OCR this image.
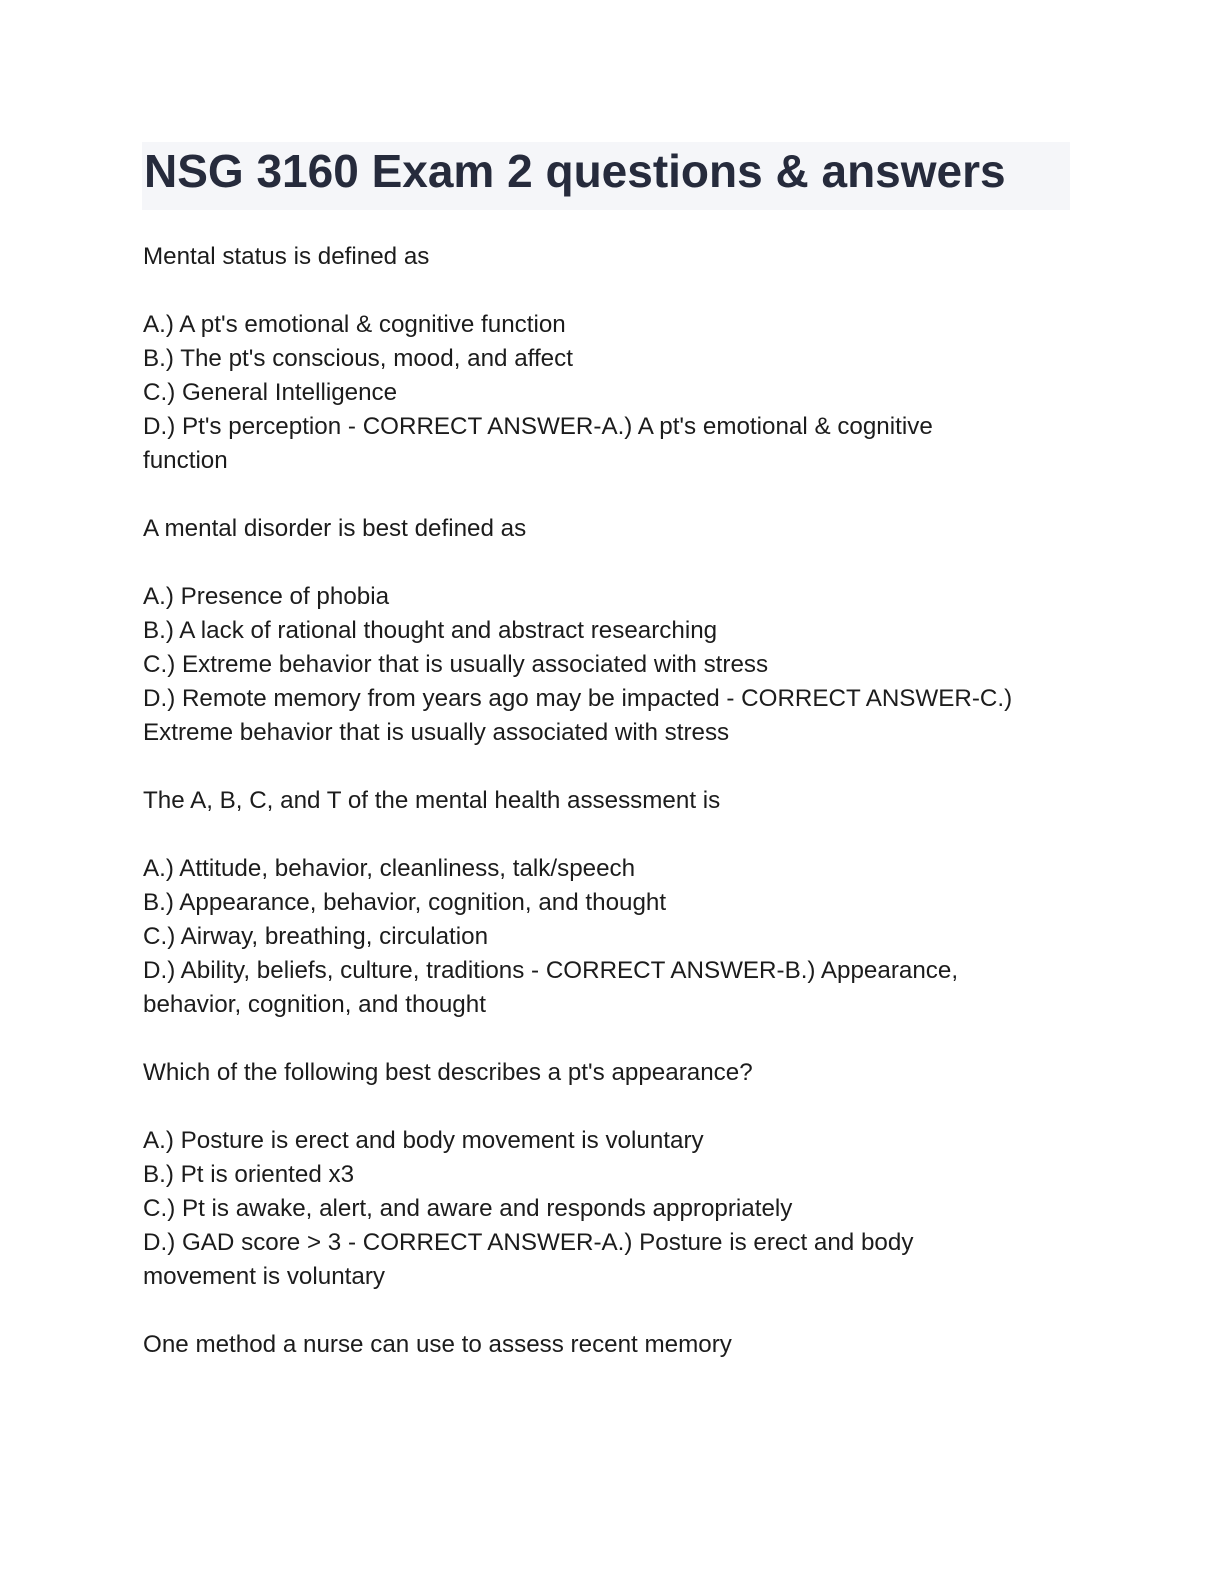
NSG 3160 Exam 2 questions & answers
Mental status is defined as
A.) A pt's emotional & cognitive function
B.) The pt's conscious, mood, and affect
C.) General Intelligence
D.) Pt's perception - CORRECT ANSWER-A.) A pt's emotional & cognitive
function
A mental disorder is best defined as
A.) Presence of phobia
B.) A lack of rational thought and abstract researching
C.) Extreme behavior that is usually associated with stress
D.) Remote memory from years ago may be impacted - CORRECT ANSWER-C.)
Extreme behavior that is usually associated with stress
The A, B, C, and T of the mental health assessment is
A.) Attitude, behavior, cleanliness, talk/speech
B.) Appearance, behavior, cognition, and thought
C.) Airway, breathing, circulation
D.) Ability, beliefs, culture, traditions - CORRECT ANSWER-B.) Appearance,
behavior, cognition, and thought
Which of the following best describes a pt's appearance?
A.) Posture is erect and body movement is voluntary
B.) Pt is oriented x3
C.) Pt is awake, alert, and aware and responds appropriately
D.) GAD score > 3 - CORRECT ANSWER-A.) Posture is erect and body
movement is voluntary
One method a nurse can use to assess recent memory
